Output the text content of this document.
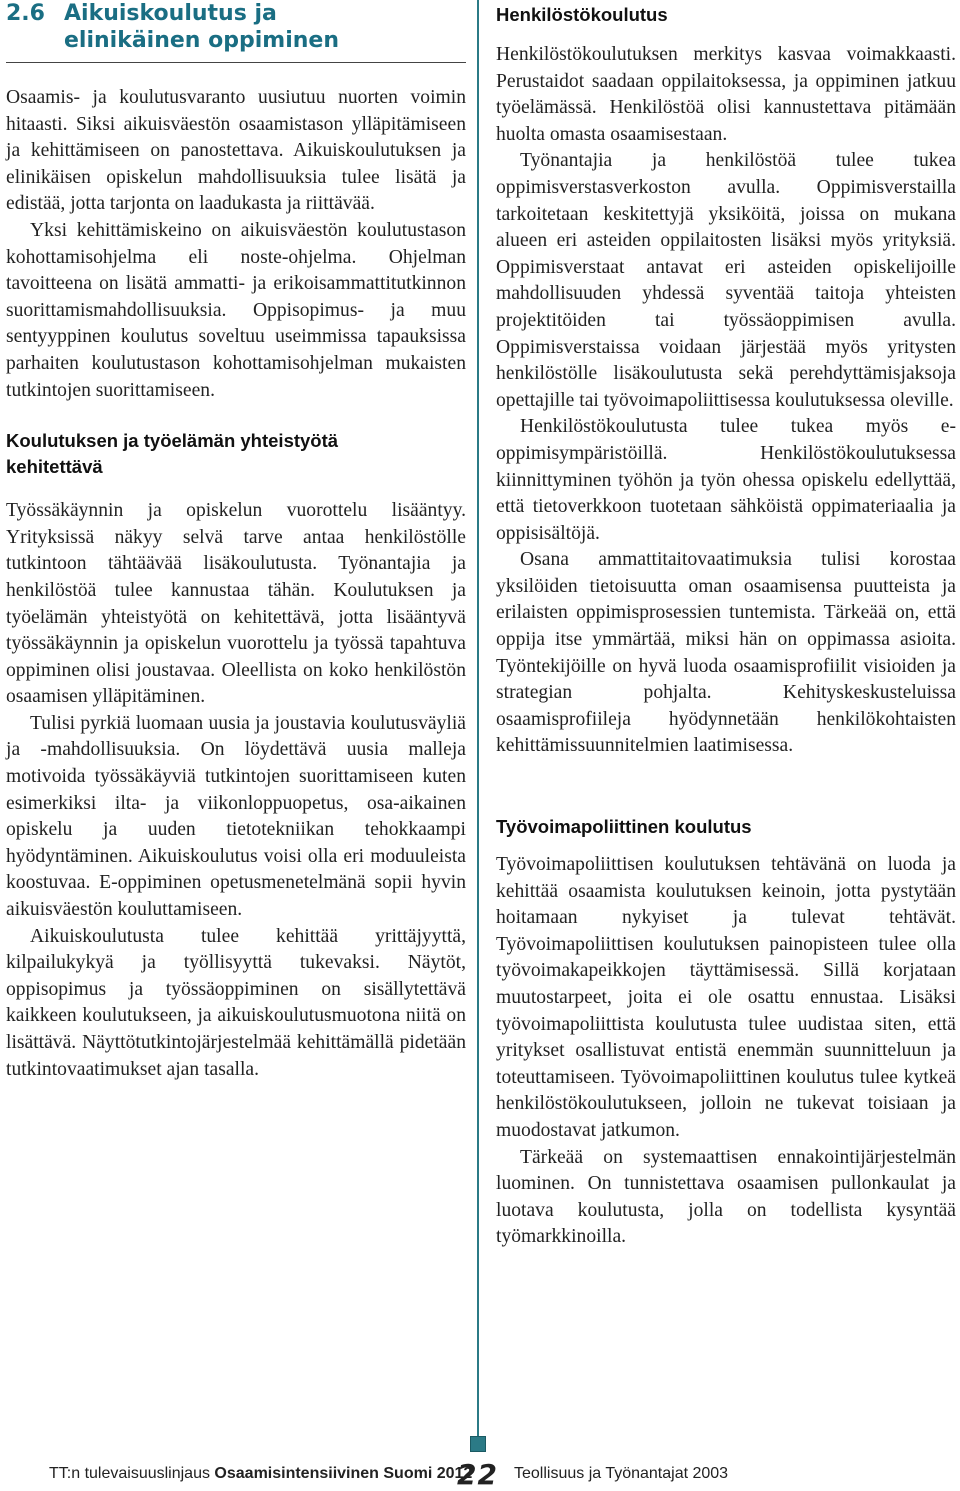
2.6 Aikuiskoulutus ja
elinikäinen oppiminen

Osaamis- ja koulutusvaranto uusiutuu nuorten voimin hitaasti. Siksi aikuisväestön osaamistason ylläpitämiseen ja kehittämiseen on panostettava. Aikuiskoulutuksen ja elinikäisen opiskelun mahdollisuuksia tulee lisätä ja edistää, jotta tarjonta on laadukasta ja riittävää.

Yksi kehittämiskeino on aikuisväestön koulutustason kohottamisohjelma eli noste-ohjelma. Ohjelman tavoitteena on lisätä ammatti- ja erikoisammattitutkinnon suorittamismahdollisuuksia. Oppisopimus- ja muu sentyyppinen koulutus soveltuu useimmissa tapauksissa parhaiten koulutustason kohottamisohjelman mukaisten tutkintojen suorittamiseen.

Koulutuksen ja työelämän yhteistyötä

kehitettävä

Työssäkäynnin ja opiskelun vuorottelu lisääntyy. Yrityksissä näkyy selvä tarve antaa henkilöstölle tutkintoon tähtäävää lisäkoulutusta. Työnantajia ja henkilöstöä tulee kannustaa tähän. Koulutuksen ja työelämän yhteistyötä on kehitettävä, jotta lisääntyvä työssäkäynnin ja opiskelun vuorottelu ja työssä tapahtuva oppiminen olisi joustavaa. Oleellista on koko henkilöstön osaamisen ylläpitäminen.

Tulisi pyrkiä luomaan uusia ja joustavia koulutusväyliä ja -mahdollisuuksia. On löydettävä uusia malleja motivoida työssäkäyviä tutkintojen suorittamiseen kuten esimerkiksi ilta- ja viikonloppuopetus, osa-aikainen opiskelu ja uuden tietotekniikan tehokkaampi hyödyntäminen. Aikuiskoulutus voisi olla eri moduuleista koostuvaa. E-oppiminen opetusmenetelmänä sopii hyvin aikuisväestön kouluttamiseen.

Aikuiskoulutusta tulee kehittää yrittäjyyttä, kilpailukykyä ja työllisyyttä tukevaksi. Näytöt, oppisopimus ja työssäoppiminen on sisällytettävä kaikkeen koulutukseen, ja aikuiskoulutusmuotona niitä on lisättävä. Näyttötutkintojärjestelmää kehittämällä pidetään tutkintovaatimukset ajan tasalla.

Henkilöstökoulutus

Henkilöstökoulutuksen merkitys kasvaa voimakkaasti. Perustaidot saadaan oppilaitoksessa, ja oppiminen jatkuu työelämässä. Henkilöstöä olisi kannustettava pitämään huolta omasta osaamisestaan.

Työnantajia ja henkilöstöä tulee tukea oppimisverstasverkoston avulla. Oppimisverstailla tarkoitetaan keskitettyjä yksiköitä, joissa on mukana alueen eri asteiden oppilaitosten lisäksi myös yrityksiä. Oppimisverstaat antavat eri asteiden opiskelijoille mahdollisuuden yhdessä syventää taitoja yhteisten projektitöiden tai työssäoppimisen avulla. Oppimisverstaissa voidaan järjestää myös yritysten henkilöstölle lisäkoulutusta sekä perehdyttämisjaksoja opettajille tai työvoimapoliittisessa koulutuksessa oleville.

Henkilöstökoulutusta tulee tukea myös e-oppimisympäristöillä. Henkilöstökoulutuksessa kiinnittyminen työhön ja työn ohessa opiskelu edellyttää, että tietoverkkoon tuotetaan sähköistä oppimateriaalia ja oppisisältöjä.

Osana ammattitaitovaatimuksia tulisi korostaa yksilöiden tietoisuutta oman osaamisensa puutteista ja erilaisten oppimisprosessien tuntemista. Tärkeää on, että oppija itse ymmärtää, miksi hän on oppimassa asioita. Työntekijöille on hyvä luoda osaamisprofiilit visioiden ja strategian pohjalta. Kehityskeskusteluissa osaamisprofiileja hyödynnetään henkilökohtaisten kehittämissuunnitelmien laatimisessa.

Työvoimapoliittinen koulutus

Työvoimapoliittisen koulutuksen tehtävänä on luoda ja kehittää osaamista koulutuksen keinoin, jotta pystytään hoitamaan nykyiset ja tulevat tehtävät. Työvoimapoliittisen koulutuksen painopisteen tulee olla työvoimakapeikkojen täyttämisessä. Sillä korjataan muutostarpeet, joita ei ole osattu ennustaa. Lisäksi työvoimapoliittista koulutusta tulee uudistaa siten, että yritykset osallistuvat entistä enemmän suunnitteluun ja toteuttamiseen. Työvoimapoliittinen koulutus tulee kytkeä henkilöstökoulutukseen, jolloin ne tukevat toisiaan ja muodostavat jatkumon.

Tärkeää on systemaattisen ennakointijärjestelmän luominen. On tunnistettava osaamisen pullonkaulat ja luotava koulutusta, jolla on todellista kysyntää työmarkkinoilla.

TT:n tulevaisuuslinjaus Osaamisintensiivinen Suomi 2012
22 Teollisuus ja Työnantajat 2003
